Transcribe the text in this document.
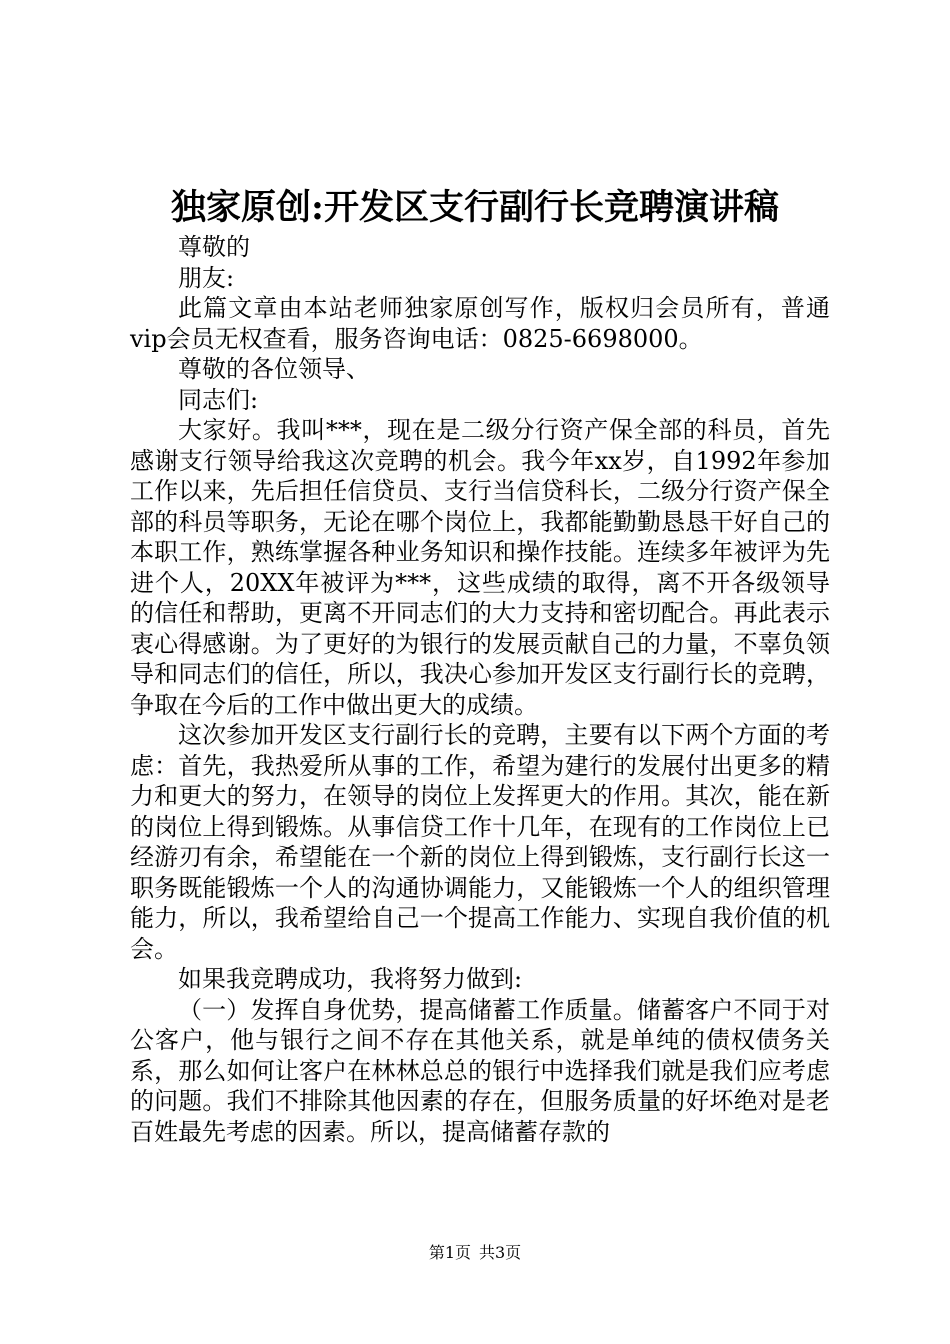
独家原创:开发区支行副行长竞聘演讲稿

尊敬的

朋友:

此篇文章由本站老师独家原创写作，版权归会员所有，普通vip会员无权查看，服务咨询电话：0825-6698000。

尊敬的各位领导、

同志们:

大家好。我叫***，现在是二级分行资产保全部的科员，首先感谢支行领导给我这次竞聘的机会。我今年xx岁，自1992年参加工作以来，先后担任信贷员、支行当信贷科长，二级分行资产保全部的科员等职务，无论在哪个岗位上，我都能勤勤恳恳干好自己的本职工作，熟练掌握各种业务知识和操作技能。连续多年被评为先进个人，20XX年被评为***，这些成绩的取得，离不开各级领导的信任和帮助，更离不开同志们的大力支持和密切配合。再此表示衷心得感谢。为了更好的为银行的发展贡献自己的力量，不辜负领导和同志们的信任，所以，我决心参加开发区支行副行长的竞聘，争取在今后的工作中做出更大的成绩。

这次参加开发区支行副行长的竞聘，主要有以下两个方面的考虑：首先，我热爱所从事的工作，希望为建行的发展付出更多的精力和更大的努力，在领导的岗位上发挥更大的作用。其次，能在新的岗位上得到锻炼。从事信贷工作十几年，在现有的工作岗位上已经游刃有余，希望能在一个新的岗位上得到锻炼，支行副行长这一职务既能锻炼一个人的沟通协调能力，又能锻炼一个人的组织管理能力，所以，我希望给自己一个提高工作能力、实现自我价值的机会。

如果我竞聘成功，我将努力做到:

（一）发挥自身优势，提高储蓄工作质量。储蓄客户不同于对公客户，他与银行之间不存在其他关系，就是单纯的债权债务关系，那么如何让客户在林林总总的银行中选择我们就是我们应考虑的问题。我们不排除其他因素的存在，但服务质量的好坏绝对是老百姓最先考虑的因素。所以，提高储蓄存款的

第1页 共3页
